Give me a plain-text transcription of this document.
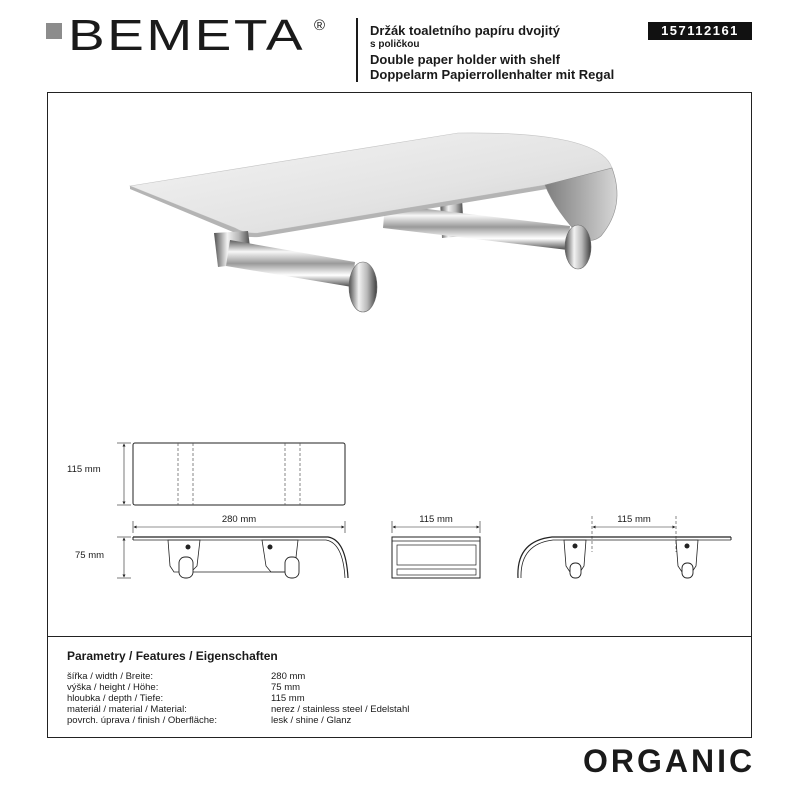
BEMETA ®	Držák toaletního papíru dvojitý
s poličkou
Double paper holder with shelf
Doppelarm Papierrollenhalter mit Regal
157112161
115 mm
280 mm
75 mm
115 mm	115 mm
Parametry / Features / Eigenschaften
šířka / width / Breite:	280 mm
výška / height / Höhe:	75 mm
hloubka / depth / Tiefe:	115 mm
materiál / material / Material:	nerez / stainless steel / Edelstahl
povrch. úprava / finish / Oberfläche:	lesk / shine / Glanz
ORGANIC
